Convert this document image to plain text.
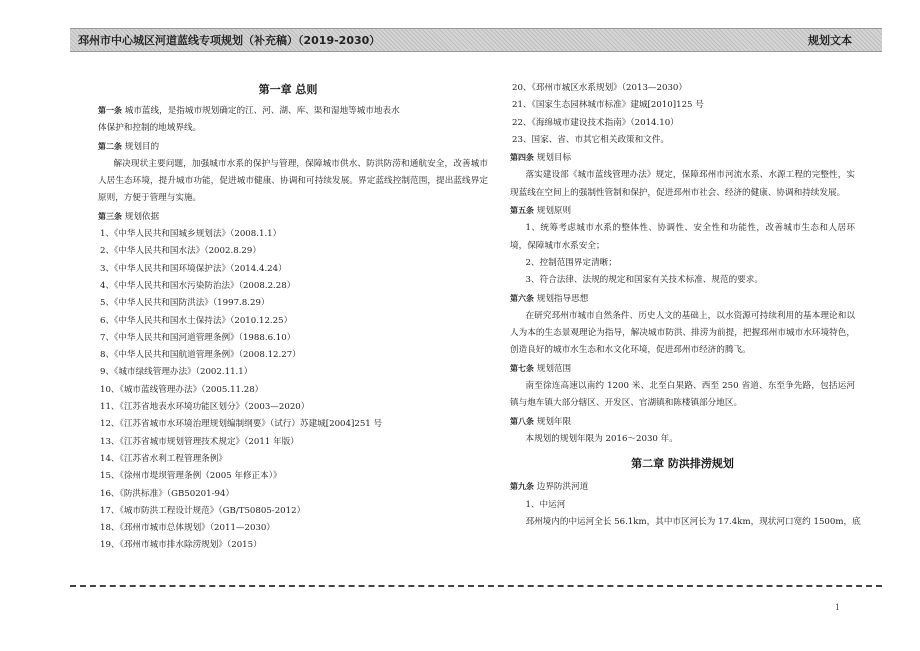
邳州市中心城区河道蓝线专项规划（补充稿）（2019-2030）	规划文本
第一章 总则
第一条 城市蓝线，是指城市规划确定的江、河、湖、库、渠和湿地等城市地表水
体保护和控制的地域界线。
第二条 规划目的
解决现状主要问题，加强城市水系的保护与管理，保障城市供水、防洪防涝和通航安全，改善城市人居生态环境，提升城市功能，促进城市健康、协调和可持续发展。界定蓝线控制范围，提出蓝线界定原则，方便于管理与实施。
第三条 规划依据
1、《中华人民共和国城乡规划法》（2008.1.1）
2、《中华人民共和国水法》（2002.8.29）
3、《中华人民共和国环境保护法》（2014.4.24）
4、《中华人民共和国水污染防治法》（2008.2.28）
5、《中华人民共和国防洪法》（1997.8.29）
6、《中华人民共和国水土保持法》（2010.12.25）
7、《中华人民共和国河道管理条例》（1988.6.10）
8、《中华人民共和国航道管理条例》（2008.12.27）
9、《城市绿线管理办法》（2002.11.1）
10、《城市蓝线管理办法》（2005.11.28）
11、《江苏省地表水环境功能区划分》（2003—2020）
12、《江苏省城市水环境治理规划编制纲要》（试行）苏建城[2004]251 号
13、《江苏省城市规划管理技术规定》（2011 年版）
14、《江苏省水利工程管理条例》
15、《徐州市堤坝管理条例（2005 年修正本）》
16、《防洪标准》（GB50201-94）
17、《城市防洪工程设计规范》（GB/T50805-2012）
18、《邳州市城市总体规划》（2011—2030）
19、《邳州市城市排水除涝规划》（2015）
20、《邳州市城区水系规划》（2013—2030）
21、《国家生态园林城市标准》建城[2010]125 号
22、《海绵城市建设技术指南》（2014.10）
23、国家、省、市其它相关政策和文件。
第四条 规划目标
落实建设部《城市蓝线管理办法》规定，保障邳州市河流水系、水源工程的完整性，实现蓝线在空间上的强制性管制和保护，促进邳州市社会、经济的健康、协调和持续发展。
第五条 规划原则
1、统筹考虑城市水系的整体性、协调性、安全性和功能性，改善城市生态和人居环境，保障城市水系安全；
2、控制范围界定清晰；
3、符合法律、法规的规定和国家有关技术标准、规范的要求。
第六条 规划指导思想
在研究邳州市城市自然条件、历史人文的基础上，以水资源可持续利用的基本理论和以人为本的生态景观理论为指导，解决城市防洪、排涝为前提，把握邳州市城市水环境特色，创造良好的城市水生态和水文化环境，促进邳州市经济的腾飞。
第七条 规划范围
南至徐连高速以南约 1200 米、北至白果路、西至 250 省道、东至争先路，包括运河镇与炮车镇大部分辖区、开发区、官湖镇和陈楼镇部分地区。
第八条 规划年限
本规划的规划年限为 2016～2030 年。
第二章 防洪排涝规划
第九条 边界防洪河道
1、中运河
邳州境内的中运河全长 56.1km，其中市区河长为 17.4km，现状河口宽约 1500m，底
1
